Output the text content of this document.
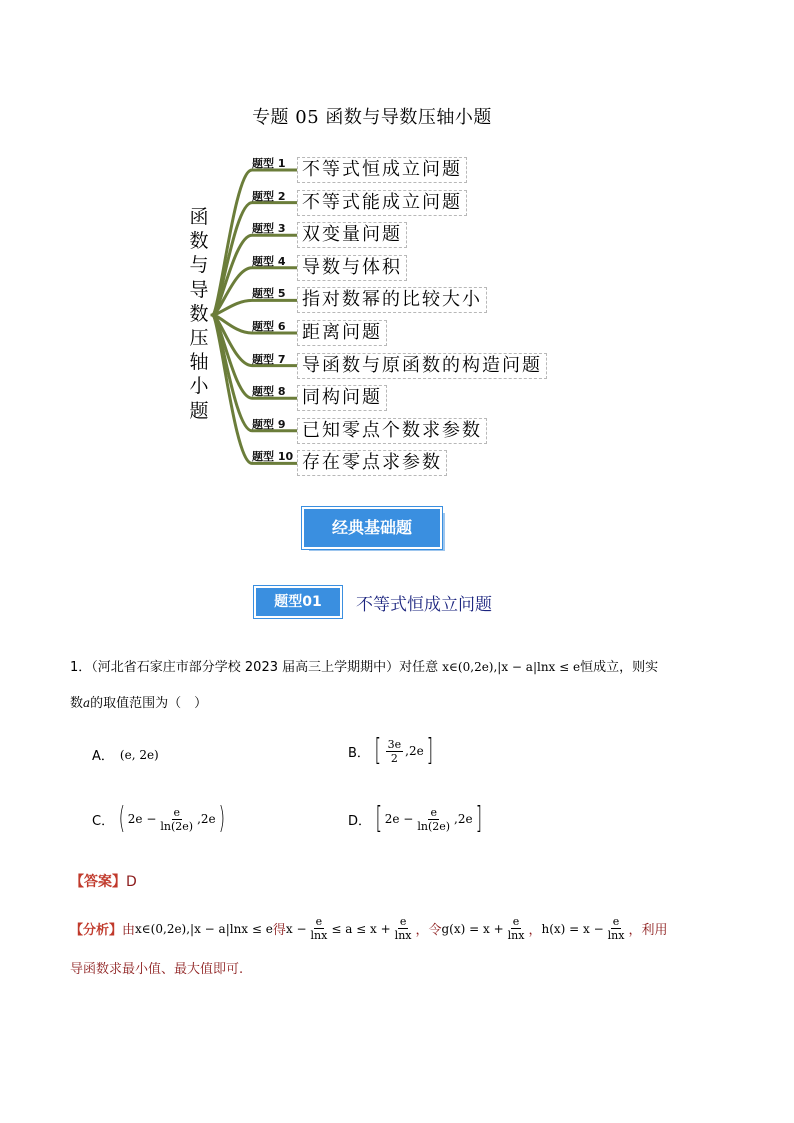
专题 05 函数与导数压轴小题
函
数
与
导
数
压
轴
小
题
题型 1 不等式恒成立问题
题型 2 不等式能成立问题
题型 3 双变量问题
题型 4 导数与体积
题型 5 指对数幂的比较大小
题型 6 距离问题
题型 7 导函数与原函数的构造问题
题型 8 同构问题
题型 9 已知零点个数求参数
题型 10 存在零点求参数
经典基础题
题型01	不等式恒成立问题
1．（河北省石家庄市部分学校 2023 届高三上学期期中）对任意 x∈(0,2e),|x − a|lnx ≤ e恒成立，则实
数a的取值范围为（　）
A． (e, 2e)	B． [ $\frac{3e}{2} ,2e$ ]
C． ( $2e - \frac{e}{\ln(2e)} ,2e$ )	D． [ $2e - \frac{e}{\ln(2e)} ,2e$ ]
【答案】D
【分析】 由 x∈(0,2e),|x − a|lnx ≤ e 得 $x - \frac{e}{\ln x} \le a \le x + \frac{e}{\ln x}$ ，令 $g(x) = x + \frac{e}{\ln x}$ ， $h(x) = x - \frac{e}{\ln x}$ ，利用
导函数求最小值、最大值即可.
